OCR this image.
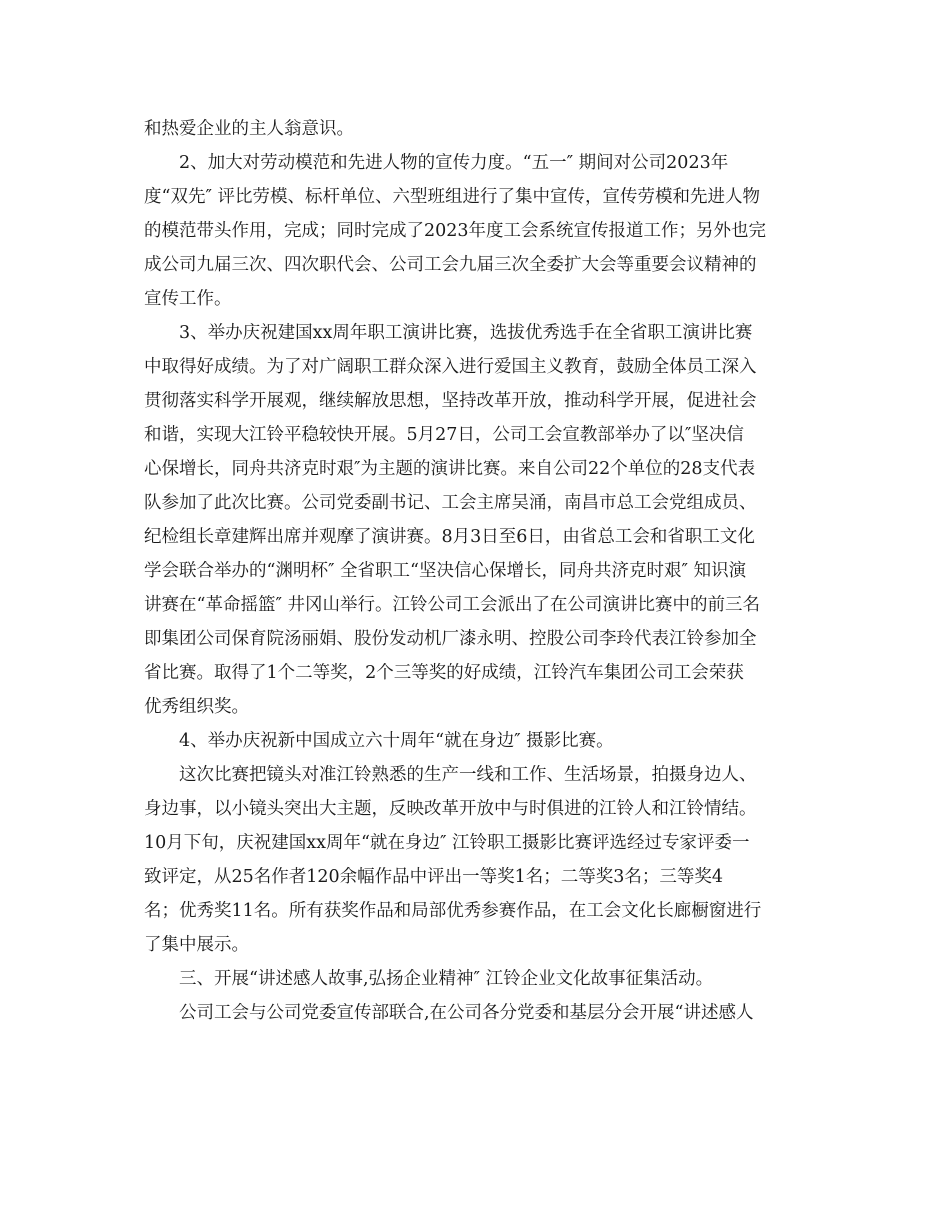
和热爱企业的主人翁意识。

2、加大对劳动模范和先进人物的宣传力度。“五一″ 期间对公司2023年
度“双先″ 评比劳模、标杆单位、六型班组进行了集中宣传，宣传劳模和先进人物
的模范带头作用，完成；同时完成了2023年度工会系统宣传报道工作；另外也完
成公司九届三次、四次职代会、公司工会九届三次全委扩大会等重要会议精神的
宣传工作。

3、举办庆祝建国xx周年职工演讲比赛，选拔优秀选手在全省职工演讲比赛
中取得好成绩。为了对广阔职工群众深入进行爱国主义教育，鼓励全体员工深入
贯彻落实科学开展观，继续解放思想，坚持改革开放，推动科学开展，促进社会
和谐，实现大江铃平稳较快开展。5月27日，公司工会宣教部举办了以″坚决信
心保增长，同舟共济克时艰″为主题的演讲比赛。来自公司22个单位的28支代表
队参加了此次比赛。公司党委副书记、工会主席吴涌，南昌市总工会党组成员、
纪检组长章建辉出席并观摩了演讲赛。8月3日至6日，由省总工会和省职工文化
学会联合举办的“渊明杯″ 全省职工“坚决信心保增长，同舟共济克时艰″ 知识演
讲赛在“革命摇篮″ 井冈山举行。江铃公司工会派出了在公司演讲比赛中的前三名
即集团公司保育院汤丽娟、股份发动机厂漆永明、控股公司李玲代表江铃参加全
省比赛。取得了1个二等奖，2个三等奖的好成绩，江铃汽车集团公司工会荣获
优秀组织奖。

4、举办庆祝新中国成立六十周年“就在身边″ 摄影比赛。

这次比赛把镜头对准江铃熟悉的生产一线和工作、生活场景，拍摄身边人、
身边事，以小镜头突出大主题，反映改革开放中与时俱进的江铃人和江铃情结。
10月下旬，庆祝建国xx周年“就在身边″ 江铃职工摄影比赛评选经过专家评委一
致评定，从25名作者120余幅作品中评出一等奖1名；二等奖3名；三等奖4
名；优秀奖11名。所有获奖作品和局部优秀参赛作品，在工会文化长廊橱窗进行
了集中展示。

三、开展“讲述感人故事,弘扬企业精神″ 江铃企业文化故事征集活动。

公司工会与公司党委宣传部联合,在公司各分党委和基层分会开展“讲述感人
